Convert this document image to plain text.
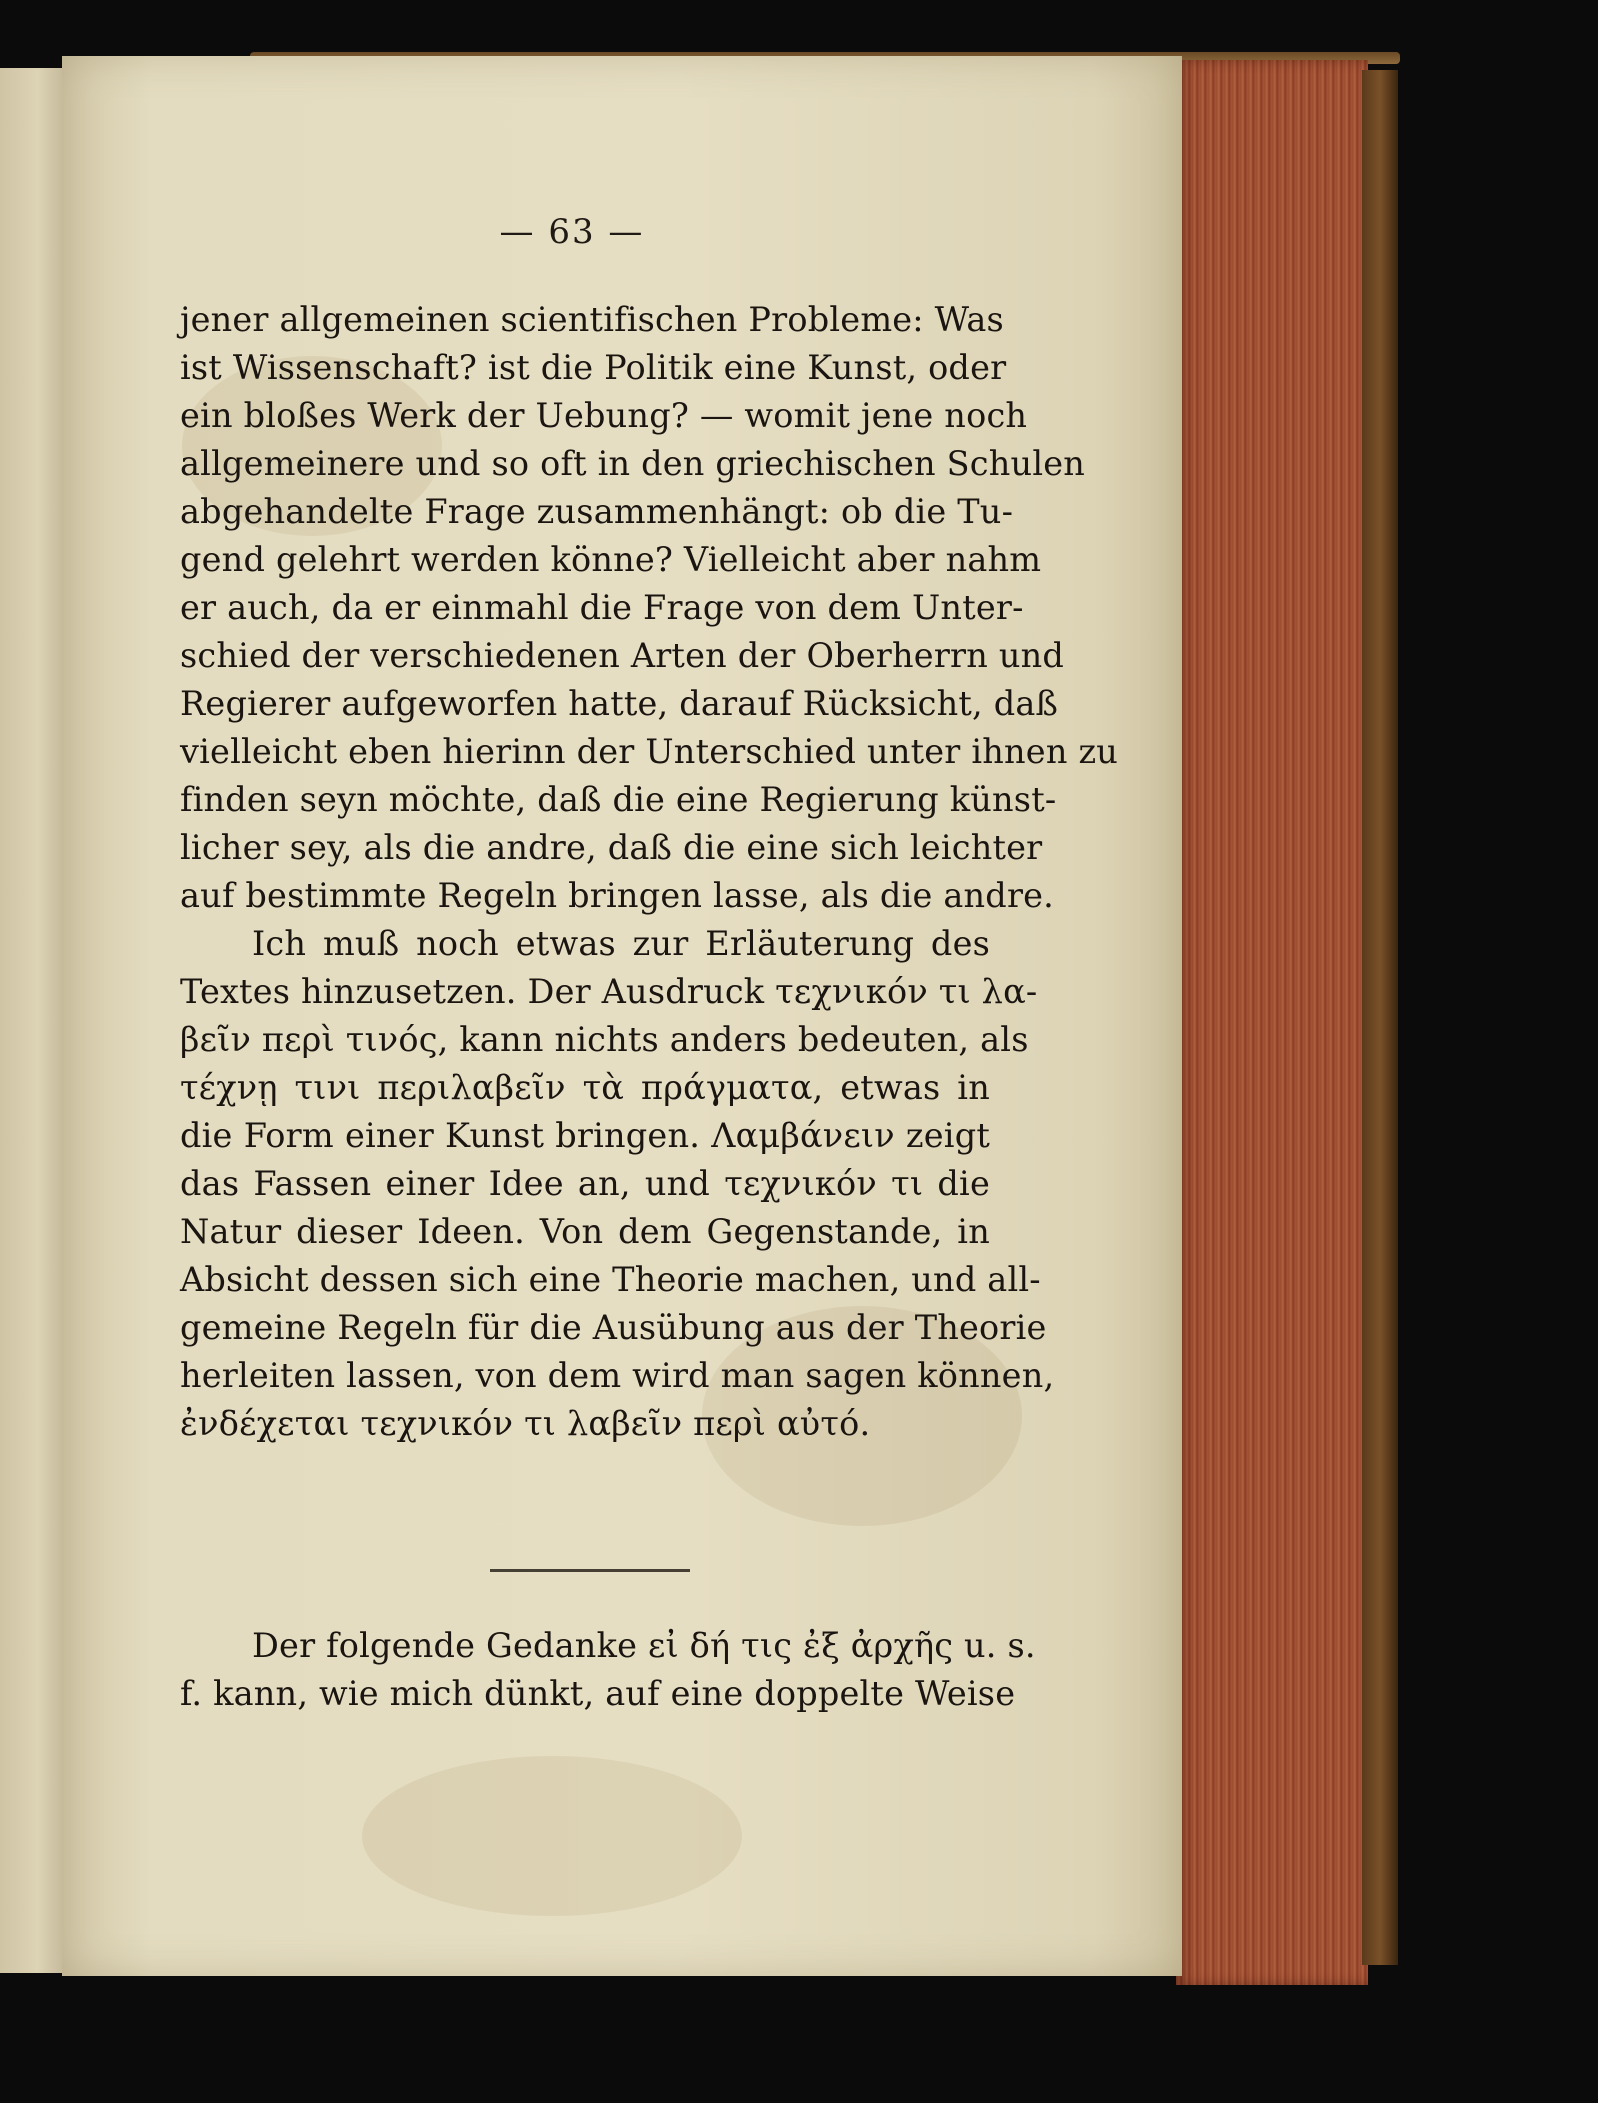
— 63 —
jener allgemeinen scientifischen Probleme: Was
ist Wissenschaft? ist die Politik eine Kunst, oder
ein bloßes Werk der Uebung? — womit jene noch
allgemeinere und so oft in den griechischen Schulen
abgehandelte Frage zusammenhängt: ob die Tu-
gend gelehrt werden könne? Vielleicht aber nahm
er auch, da er einmahl die Frage von dem Unter-
schied der verschiedenen Arten der Oberherrn und
Regierer aufgeworfen hatte, darauf Rücksicht, daß
vielleicht eben hierinn der Unterschied unter ihnen zu
finden seyn möchte, daß die eine Regierung künst-
licher sey, als die andre, daß die eine sich leichter
auf bestimmte Regeln bringen lasse, als die andre.
Ich muß noch etwas zur Erläuterung des
Textes hinzusetzen. Der Ausdruck τεχνικόν τι λα-
βεῖν περὶ τινός, kann nichts anders bedeuten, als
τέχνῃ τινι περιλαβεῖν τὰ πράγματα, etwas in
die Form einer Kunst bringen. Λαμβάνειν zeigt
das Fassen einer Idee an, und τεχνικόν τι die
Natur dieser Ideen. Von dem Gegenstande, in
Absicht dessen sich eine Theorie machen, und all-
gemeine Regeln für die Ausübung aus der Theorie
herleiten lassen, von dem wird man sagen können,
ἐνδέχεται τεχνικόν τι λαβεῖν περὶ αὐτό.
Der folgende Gedanke εἰ δή τις ἐξ ἀρχῆς u. s.
f. kann, wie mich dünkt, auf eine doppelte Weise
